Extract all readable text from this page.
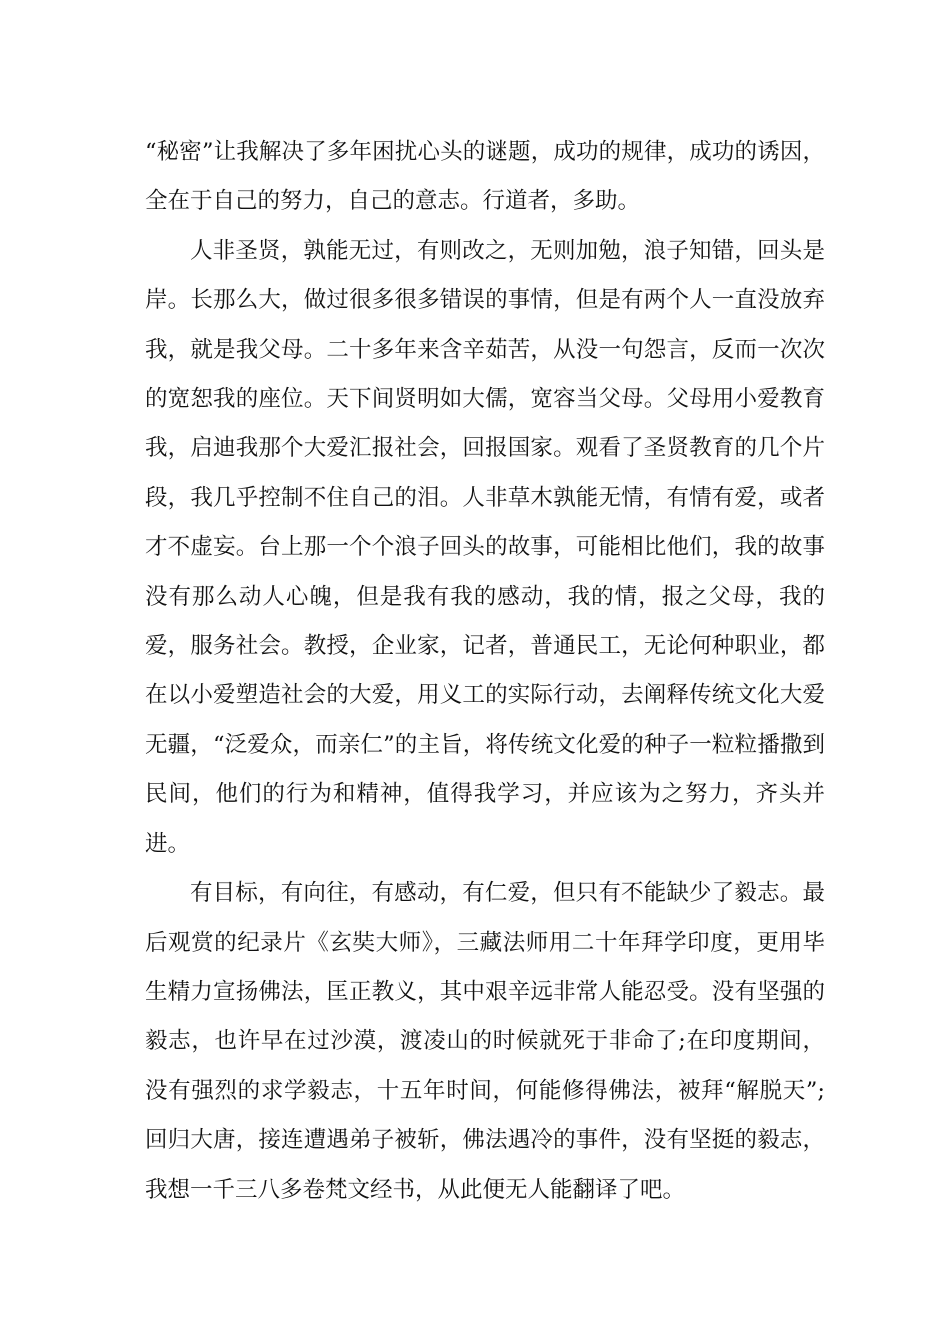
“秘密”让我解决了多年困扰心头的谜题，成功的规律，成功的诱因，全在于自己的努力，自己的意志。行道者，多助。

人非圣贤，孰能无过，有则改之，无则加勉，浪子知错，回头是岸。长那么大，做过很多很多错误的事情，但是有两个人一直没放弃我，就是我父母。二十多年来含辛茹苦，从没一句怨言，反而一次次的宽恕我的座位。天下间贤明如大儒，宽容当父母。父母用小爱教育我，启迪我那个大爱汇报社会，回报国家。观看了圣贤教育的几个片段，我几乎控制不住自己的泪。人非草木孰能无情，有情有爱，或者才不虚妄。台上那一个个浪子回头的故事，可能相比他们，我的故事没有那么动人心魄，但是我有我的感动，我的情，报之父母，我的爱，服务社会。教授，企业家，记者，普通民工，无论何种职业，都在以小爱塑造社会的大爱，用义工的实际行动，去阐释传统文化大爱无疆，“泛爱众，而亲仁”的主旨，将传统文化爱的种子一粒粒播撒到民间，他们的行为和精神，值得我学习，并应该为之努力，齐头并进。

有目标，有向往，有感动，有仁爱，但只有不能缺少了毅志。最后观赏的纪录片《玄奘大师》，三藏法师用二十年拜学印度，更用毕生精力宣扬佛法，匡正教义，其中艰辛远非常人能忍受。没有坚强的毅志，也许早在过沙漠，渡凌山的时候就死于非命了;在印度期间，没有强烈的求学毅志，十五年时间，何能修得佛法，被拜“解脱天”;回归大唐，接连遭遇弟子被斩，佛法遇冷的事件，没有坚挺的毅志，我想一千三八多卷梵文经书，从此便无人能翻译了吧。
